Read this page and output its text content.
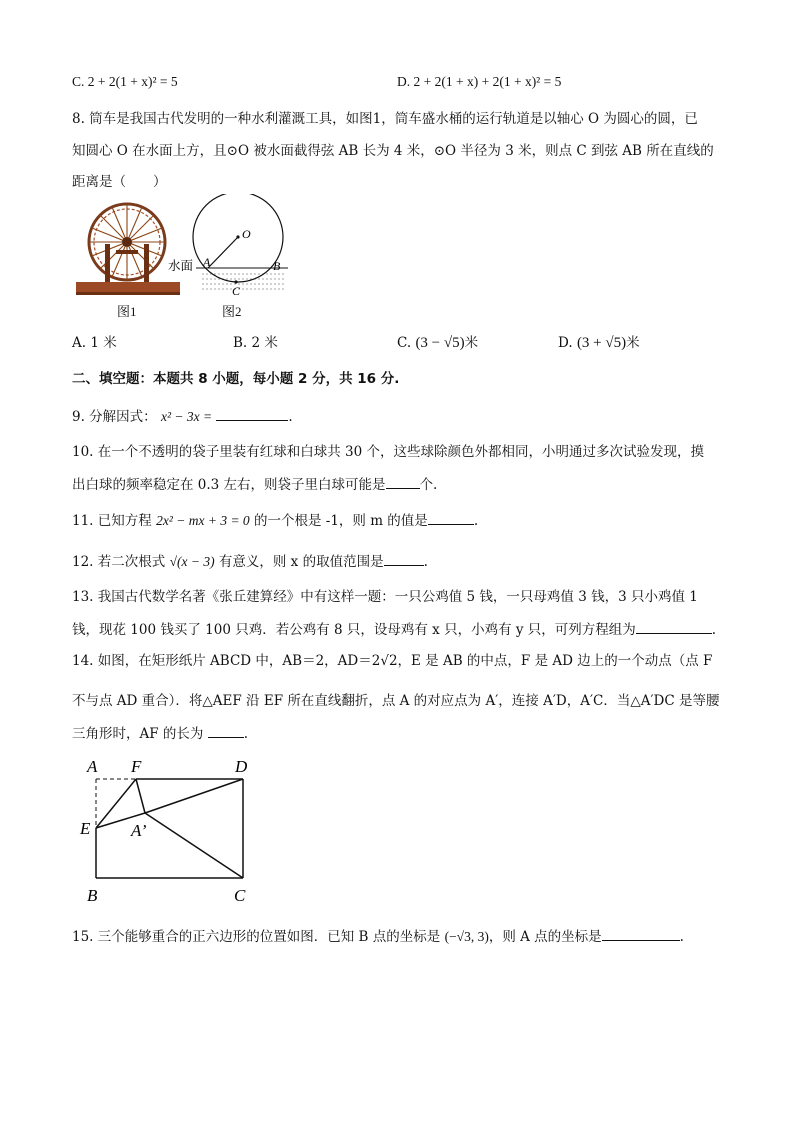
C. 2 + 2(1 + x)² = 5	D. 2 + 2(1 + x) + 2(1 + x)² = 5
8. 筒车是我国古代发明的一种水利灌溉工具，如图1，筒车盛水桶的运行轨道是以轴心 O 为圆心的圆，已
知圆心 O 在水面上方，且⊙O 被水面截得弦 AB 长为 4 米，⊙O 半径为 3 米，则点 C 到弦 AB 所在直线的
距离是（　　）
图1
O
A	B
C
水面
图2
A. 1 米	B. 2 米	C. (3 − √5)米	D. (3 + √5)米
二、填空题：本题共 8 小题，每小题 2 分，共 16 分.
9. 分解因式： x² − 3x =	.
10. 在一个不透明的袋子里装有红球和白球共 30 个，这些球除颜色外都相同，小明通过多次试验发现，摸
出白球的频率稳定在 0.3 左右，则袋子里白球可能是	个.
11. 已知方程 2x² − mx + 3 = 0 的一个根是 -1，则 m 的值是	.
12. 若二次根式 √(x − 3) 有意义，则 x 的取值范围是	.
13. 我国古代数学名著《张丘建算经》中有这样一题：一只公鸡值 5 钱，一只母鸡值 3 钱，3 只小鸡值 1
钱，现花 100 钱买了 100 只鸡．若公鸡有 8 只，设母鸡有 x 只，小鸡有 y 只，可列方程组为	.
14. 如图，在矩形纸片 ABCD 中，AB＝2，AD＝2√2，E 是 AB 的中点，F 是 AD 边上的一个动点（点 F
不与点 AD 重合）．将△AEF 沿 EF 所在直线翻折，点 A 的对应点为 A′，连接 A′D，A′C．当△A′DC 是等腰
三角形时，AF 的长为	.
A F	D
E A’
B	C
15. 三个能够重合的正六边形的位置如图．已知 B 点的坐标是 (−√3, 3)，则 A 点的坐标是	.
